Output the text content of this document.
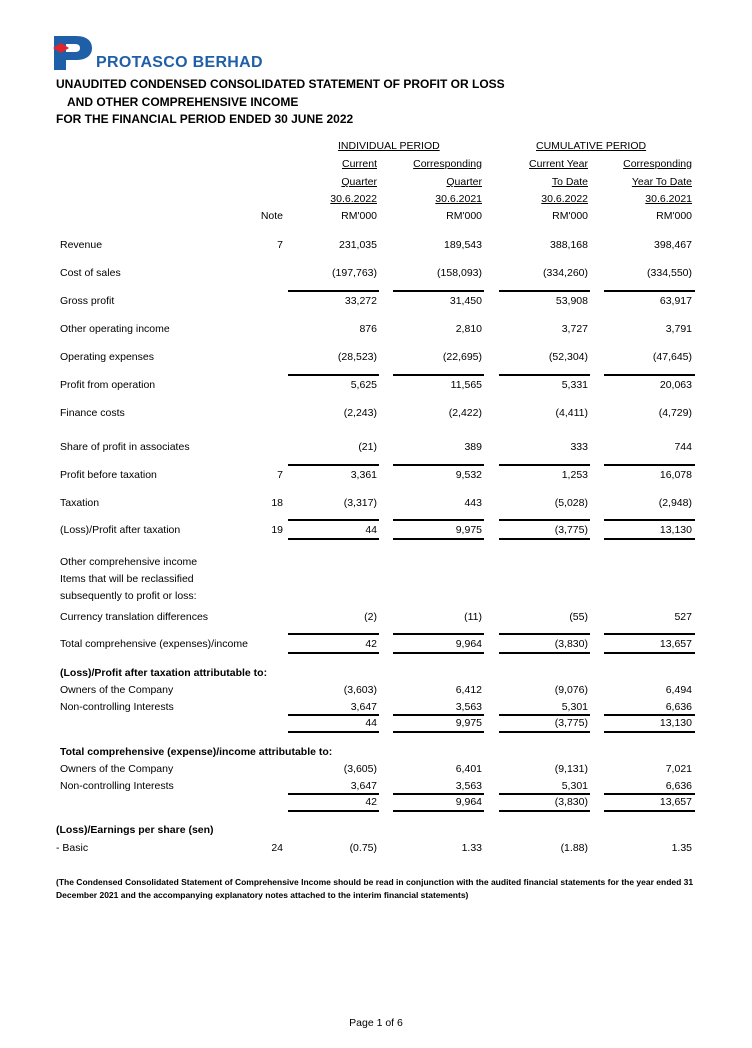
PROTASCO BERHAD
UNAUDITED CONDENSED CONSOLIDATED STATEMENT OF PROFIT OR LOSS
AND OTHER COMPREHENSIVE INCOME
FOR THE FINANCIAL PERIOD ENDED 30 JUNE 2022
INDIVIDUAL PERIOD	CUMULATIVE PERIOD
Current	Corresponding	Current Year	Corresponding
Quarter	Quarter	To Date	Year To Date
30.6.2022	30.6.2021	30.6.2022	30.6.2021
Note	RM'000	RM'000	RM'000	RM'000
Revenue	7	231,035	189,543	388,168	398,467
Cost of sales	(197,763)	(158,093)	(334,260)	(334,550)
Gross profit	33,272	31,450	53,908	63,917
Other operating income	876	2,810	3,727	3,791
Operating expenses	(28,523)	(22,695)	(52,304)	(47,645)
Profit from operation	5,625	11,565	5,331	20,063
Finance costs	(2,243)	(2,422)	(4,411)	(4,729)
Share of profit in associates	(21)	389	333	744
Profit before taxation	7	3,361	9,532	1,253	16,078
Taxation	18	(3,317)	443	(5,028)	(2,948)
(Loss)/Profit after taxation	19	44	9,975	(3,775)	13,130
Other comprehensive income
Items that will be reclassified
subsequently to profit or loss:
Currency translation differences	(2)	(11)	(55)	527
Total comprehensive (expenses)/income	42	9,964	(3,830)	13,657
(Loss)/Profit after taxation attributable to:
Owners of the Company	(3,603)	6,412	(9,076)	6,494
Non-controlling Interests	3,647	3,563	5,301	6,636
44	9,975	(3,775)	13,130
Total comprehensive (expense)/income attributable to:
Owners of the Company	(3,605)	6,401	(9,131)	7,021
Non-controlling Interests	3,647	3,563	5,301	6,636
42	9,964	(3,830)	13,657
(Loss)/Earnings per share (sen)
- Basic	24	(0.75)	1.33	(1.88)	1.35
(The Condensed Consolidated Statement of Comprehensive Income should be read in conjunction with the audited financial statements for the year ended 31 December 2021 and the accompanying explanatory notes attached to the interim financial statements)
Page 1 of 6
